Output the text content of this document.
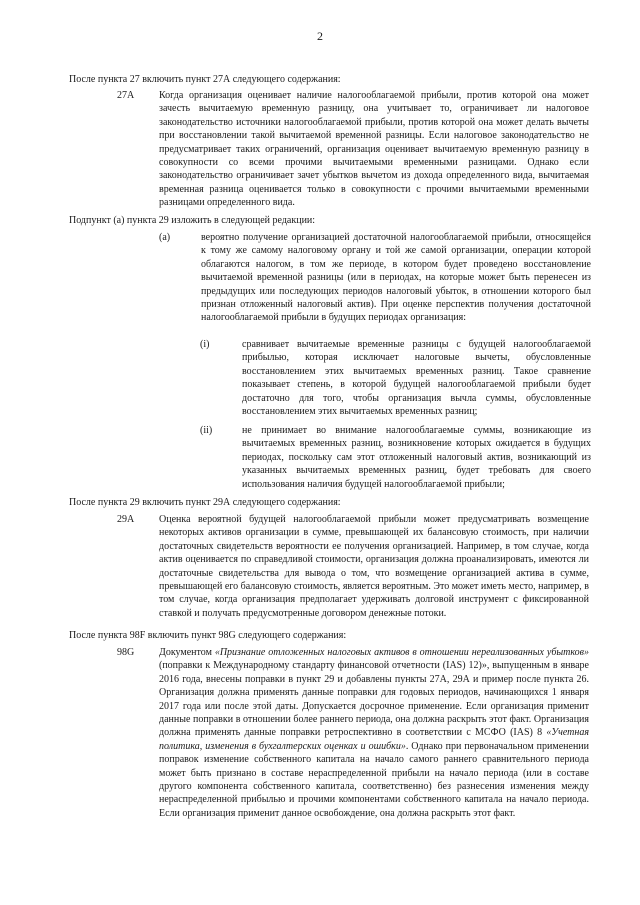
2
После пункта 27 включить пункт 27А следующего содержания:
27А Когда организация оценивает наличие налогооблагаемой прибыли, против которой она может зачесть вычитаемую временную разницу, она учитывает то, ограничивает ли налоговое законодательство источники налогооблагаемой прибыли, против которой она может делать вычеты при восстановлении такой вычитаемой временной разницы. Если налоговое законодательство не предусматривает таких ограничений, организация оценивает вычитаемую временную разницу в совокупности со всеми прочими вычитаемыми временными разницами. Однако если законодательство ограничивает зачет убытков вычетом из дохода определенного вида, вычитаемая временная разница оценивается только в совокупности с прочими вычитаемыми временными разницами определенного вида.
Подпункт (а) пункта 29 изложить в следующей редакции:
(а)	вероятно получение организацией достаточной налогооблагаемой прибыли, относящейся к тому же самому налоговому органу и той же самой организации, операции которой облагаются налогом, в том же периоде, в котором будет проведено восстановление вычитаемой временной разницы (или в периодах, на которые может быть перенесен из предыдущих или последующих периодов налоговый убыток, в отношении которого был признан отложенный налоговый актив). При оценке перспектив получения достаточной налогооблагаемой прибыли в будущих периодах организация:
(i)	сравнивает вычитаемые временные разницы с будущей налогооблагаемой прибылью, которая исключает налоговые вычеты, обусловленные восстановлением этих вычитаемых временных разниц. Такое сравнение показывает степень, в которой будущей налогооблагаемой прибыли будет достаточно для того, чтобы организация вычла суммы, обусловленные восстановлением этих вычитаемых временных разниц;
(ii)	не принимает во внимание налогооблагаемые суммы, возникающие из вычитаемых временных разниц, возникновение которых ожидается в будущих периодах, поскольку сам этот отложенный налоговый актив, возникающий из указанных вычитаемых временных разниц, будет требовать для своего использования наличия будущей налогооблагаемой прибыли;
После пункта 29 включить пункт 29А следующего содержания:
29А Оценка вероятной будущей налогооблагаемой прибыли может предусматривать возмещение некоторых активов организации в сумме, превышающей их балансовую стоимость, при наличии достаточных свидетельств вероятности ее получения организацией. Например, в том случае, когда актив оценивается по справедливой стоимости, организация должна проанализировать, имеются ли достаточные свидетельства для вывода о том, что возмещение организацией актива в сумме, превышающей его балансовую стоимость, является вероятным. Это может иметь место, например, в том случае, когда организация предполагает удерживать долговой инструмент с фиксированной ставкой и получать предусмотренные договором денежные потоки.
После пункта 98F включить пункт 98G следующего содержания:
98G Документом «Признание отложенных налоговых активов в отношении нереализованных убытков» (поправки к Международному стандарту финансовой отчетности (IAS) 12)», выпущенным в январе 2016 года, внесены поправки в пункт 29 и добавлены пункты 27А, 29А и пример после пункта 26. Организация должна применять данные поправки для годовых периодов, начинающихся 1 января 2017 года или после этой даты. Допускается досрочное применение. Если организация применит данные поправки в отношении более раннего периода, она должна раскрыть этот факт. Организация должна применять данные поправки ретроспективно в соответствии с МСФО (IAS) 8 «Учетная политика, изменения в бухгалтерских оценках и ошибки». Однако при первоначальном применении поправок изменение собственного капитала на начало самого раннего сравнительного периода может быть признано в составе нераспределенной прибыли на начало периода (или в составе другого компонента собственного капитала, соответственно) без разнесения изменения между нераспределенной прибылью и прочими компонентами собственного капитала на начало периода. Если организация применит данное освобождение, она должна раскрыть этот факт.
